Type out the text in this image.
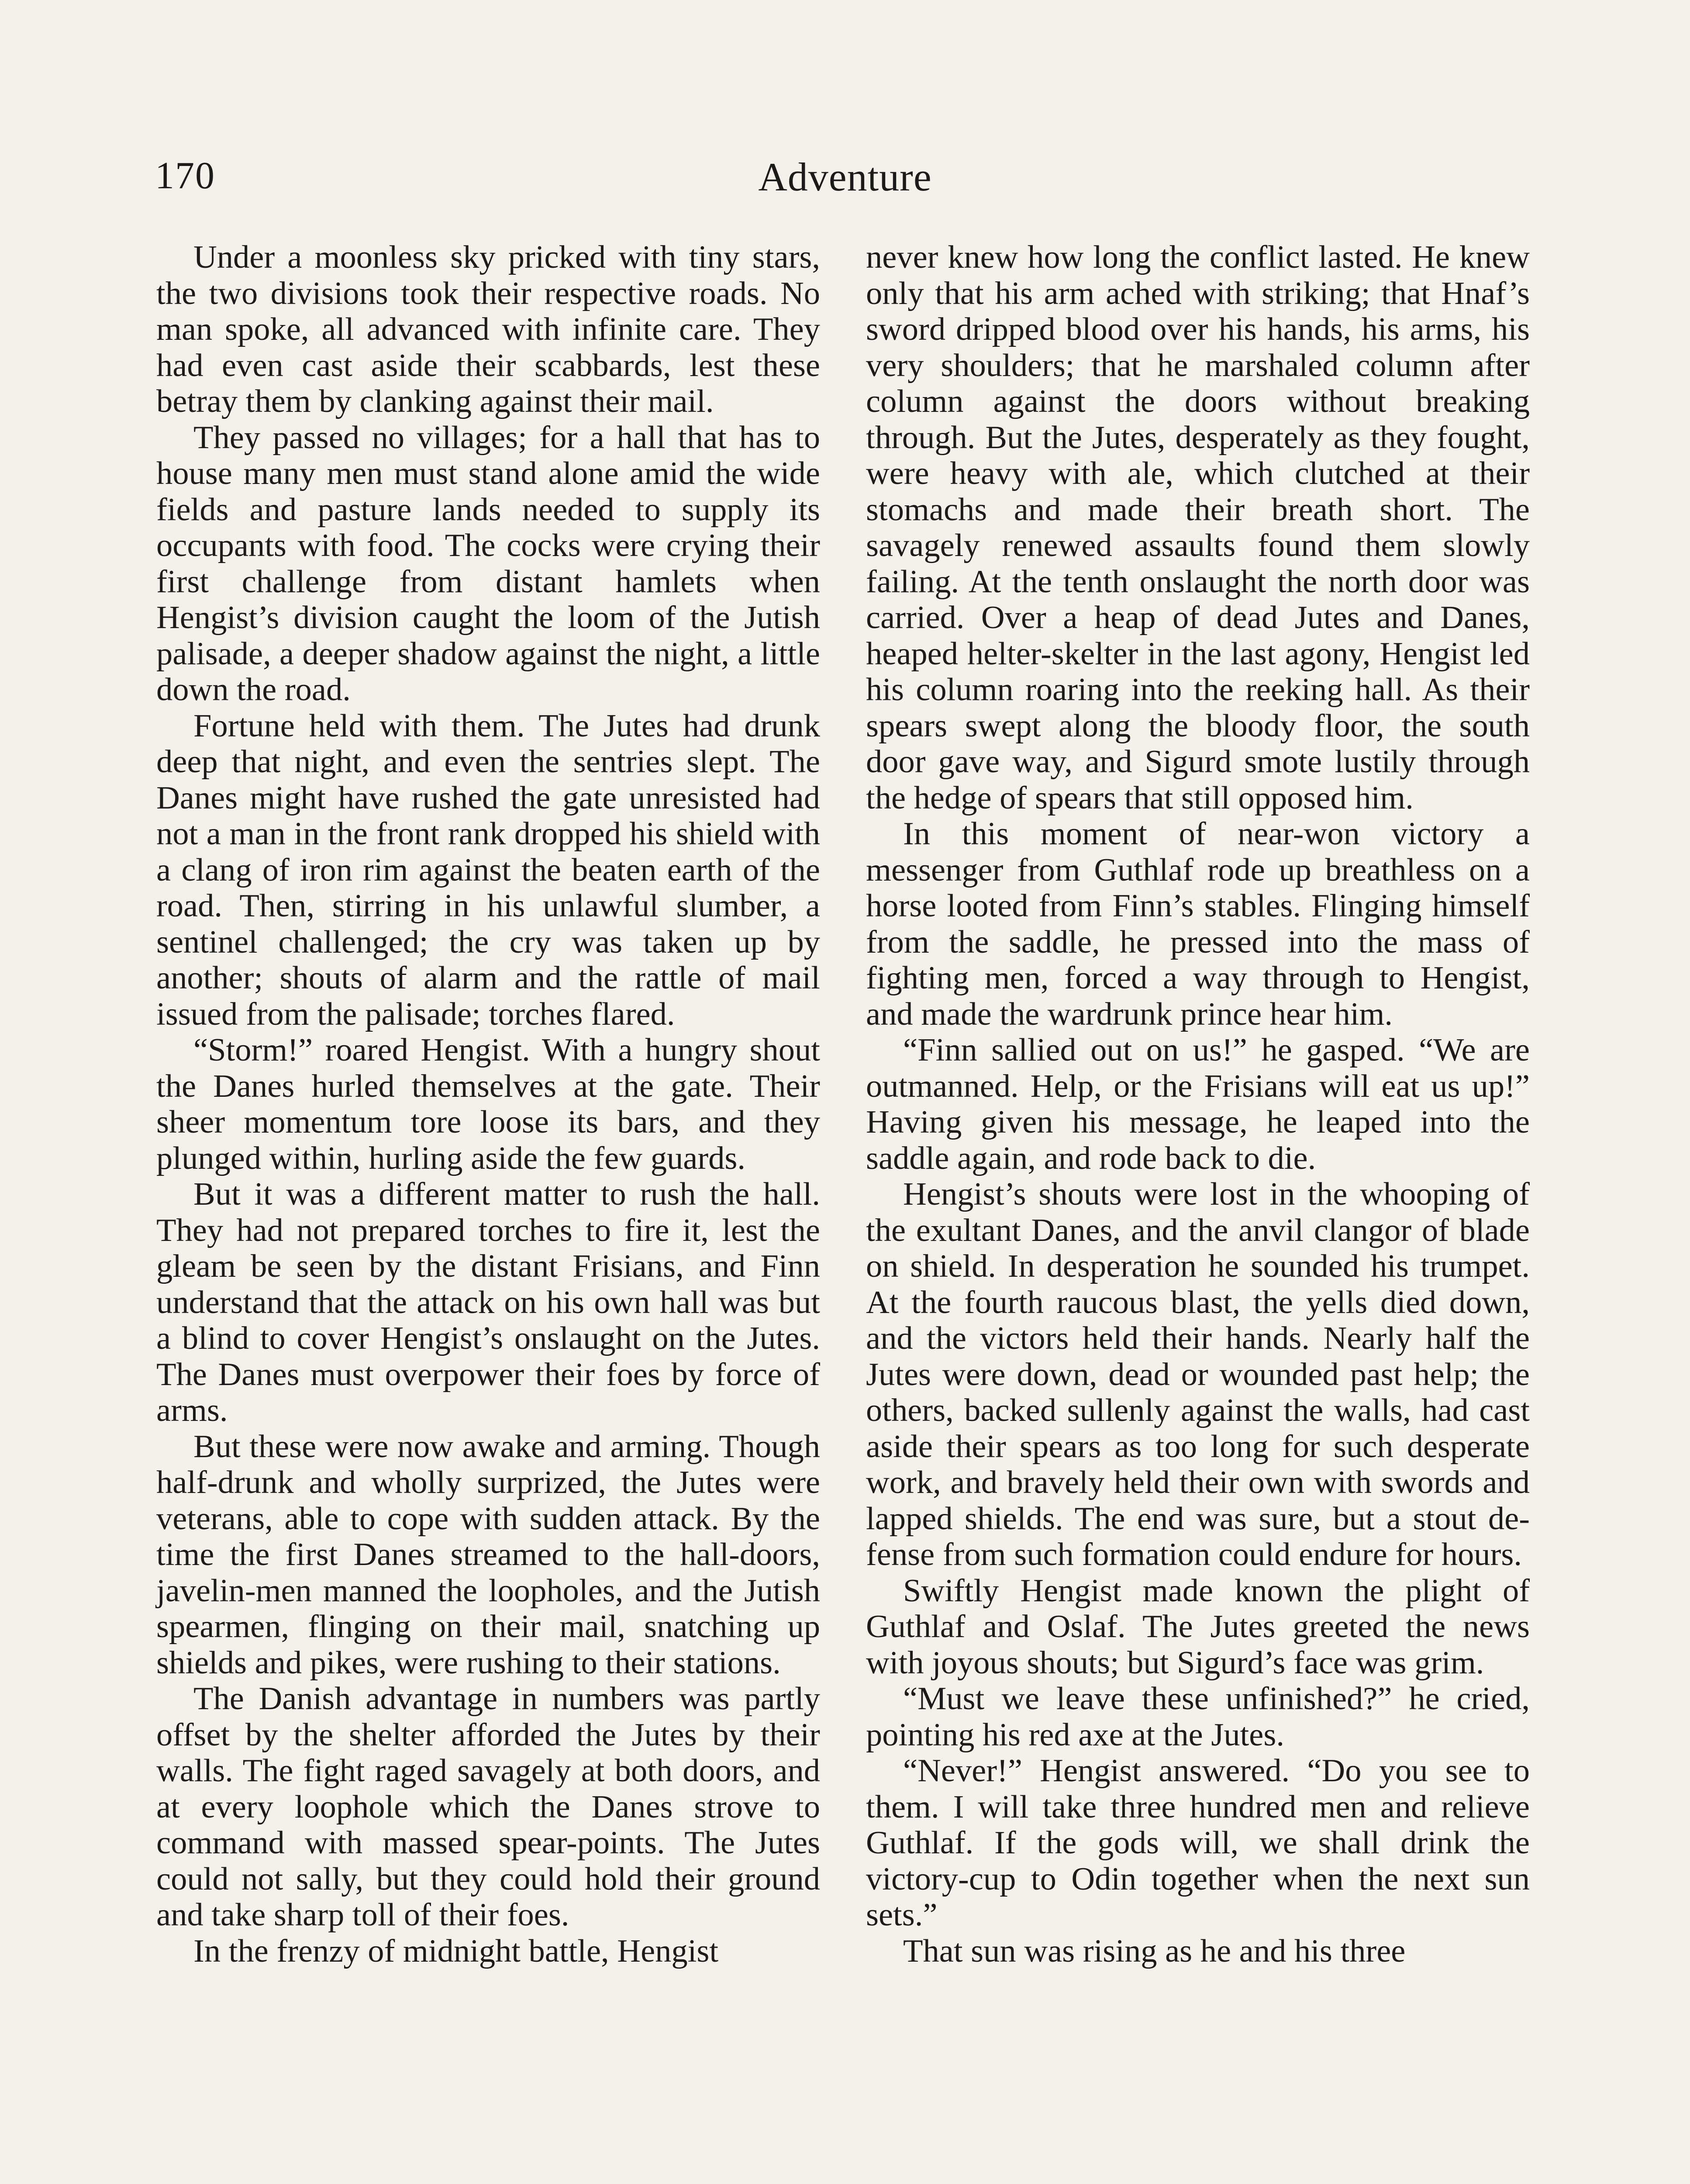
170	Adventure

Under a moonless sky pricked with tiny stars, the two divisions took their respective roads. No man spoke, all advanced with infinite care. They had even cast aside their scabbards, lest these betray them by clanking against their mail.

They passed no villages; for a hall that has to house many men must stand alone amid the wide fields and pasture lands needed to supply its occupants with food. The cocks were crying their first challenge from distant hamlets when Hengist’s division caught the loom of the Jutish palisade, a deeper shadow against the night, a little down the road.

Fortune held with them. The Jutes had drunk deep that night, and even the sentries slept. The Danes might have rushed the gate unresisted had not a man in the front rank dropped his shield with a clang of iron rim against the beaten earth of the road. Then, stirring in his unlawful slumber, a sentinel challenged; the cry was taken up by another; shouts of alarm and the rattle of mail issued from the palisade; torches flared.

“Storm!” roared Hengist. With a hungry shout the Danes hurled themselves at the gate. Their sheer momentum tore loose its bars, and they plunged within, hurling aside the few guards.

But it was a different matter to rush the hall. They had not prepared torches to fire it, lest the gleam be seen by the distant Frisians, and Finn understand that the attack on his own hall was but a blind to cover Hengist’s onslaught on the Jutes. The Danes must overpower their foes by force of arms.

But these were now awake and arming. Though half-drunk and wholly surprized, the Jutes were veterans, able to cope with sudden attack. By the time the first Danes streamed to the hall-doors, javelin-men manned the loopholes, and the Jutish spearmen, flinging on their mail, snatching up shields and pikes, were rushing to their stations.

The Danish advantage in numbers was partly offset by the shelter afforded the Jutes by their walls. The fight raged savagely at both doors, and at every loophole which the Danes strove to command with massed spear-points. The Jutes could not sally, but they could hold their ground and take sharp toll of their foes.

In the frenzy of midnight battle, Hengist

never knew how long the conflict lasted. He knew only that his arm ached with striking; that Hnaf’s sword dripped blood over his hands, his arms, his very shoulders; that he marshaled column after column against the doors without breaking through. But the Jutes, desperately as they fought, were heavy with ale, which clutched at their stomachs and made their breath short. The savagely renewed assaults found them slowly failing. At the tenth onslaught the north door was carried. Over a heap of dead Jutes and Danes, heaped helter-skelter in the last agony, Hengist led his column roaring into the reeking hall. As their spears swept along the bloody floor, the south door gave way, and Sigurd smote lustily through the hedge of spears that still opposed him.

In this moment of near-won victory a messenger from Guthlaf rode up breathless on a horse looted from Finn’s stables. Flinging himself from the saddle, he pressed into the mass of fighting men, forced a way through to Hengist, and made the wardrunk prince hear him.

“Finn sallied out on us!” he gasped. “We are outmanned. Help, or the Frisians will eat us up!” Having given his message, he leaped into the saddle again, and rode back to die.

Hengist’s shouts were lost in the whooping of the exultant Danes, and the anvil clangor of blade on shield. In desperation he sounded his trumpet. At the fourth raucous blast, the yells died down, and the victors held their hands. Nearly half the Jutes were down, dead or wounded past help; the others, backed sullenly against the walls, had cast aside their spears as too long for such desperate work, and bravely held their own with swords and lapped shields. The end was sure, but a stout defense from such formation could endure for hours.

Swiftly Hengist made known the plight of Guthlaf and Oslaf. The Jutes greeted the news with joyous shouts; but Sigurd’s face was grim.

“Must we leave these unfinished?” he cried, pointing his red axe at the Jutes.

“Never!” Hengist answered. “Do you see to them. I will take three hundred men and relieve Guthlaf. If the gods will, we shall drink the victory-cup to Odin together when the next sun sets.”

That sun was rising as he and his three
